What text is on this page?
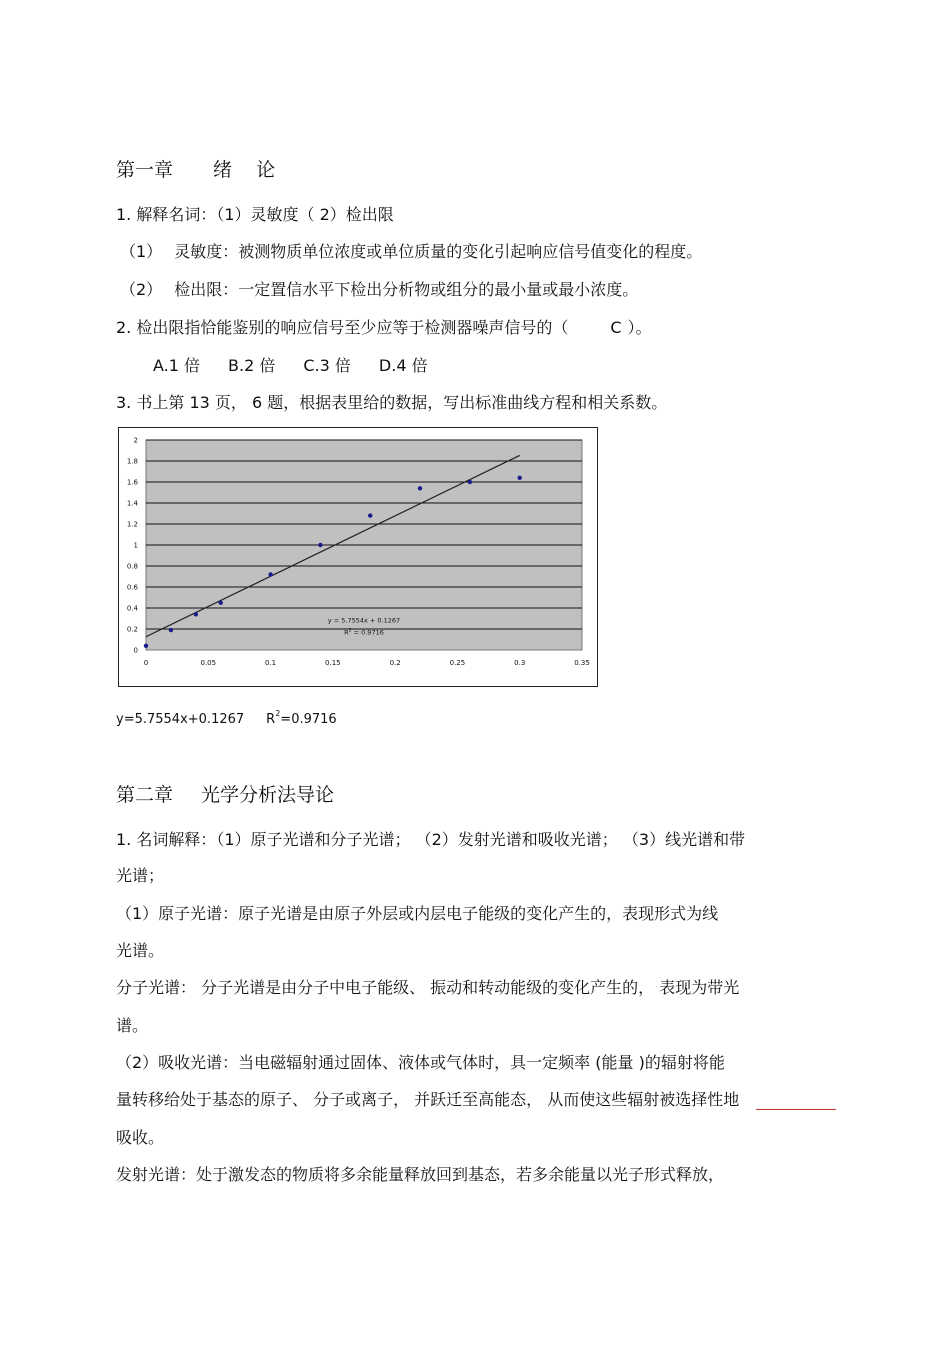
第一章 绪    论
1. 解释名词：（1）灵敏度（ 2）检出限
（1） 灵敏度：被测物质单位浓度或单位质量的变化引起响应信号值变化的程度。
（2） 检出限：一定置信水平下检出分析物或组分的最小量或最小浓度。
2. 检出限指恰能鉴别的响应信号至少应等于检测器噪声信号的（	C ）。
A.1 倍 B.2 倍 C.3 倍 D.4 倍
3. 书上第 13 页， 6 题，根据表里给的数据，写出标准曲线方程和相关系数。
0
0.2
0.4
0.6
0.8
1
1.2
1.4
1.6
1.8
2
0	0.05	0.1	0.15	0.2	0.25	0.3	0.35
y = 5.7554x + 0.1267
$R^2 = 0.9716$
y=5.7554x+0.1267 $R^2=0.9716$
第二章 光学分析法导论
1. 名词解释：（1）原子光谱和分子光谱； （2）发射光谱和吸收光谱； （3）线光谱和带
光谱；
（1）原子光谱：原子光谱是由原子外层或内层电子能级的变化产生的，表现形式为线
光谱。
分子光谱： 分子光谱是由分子中电子能级、 振动和转动能级的变化产生的， 表现为带光
谱。
（2）吸收光谱：当电磁辐射通过固体、液体或气体时，具一定频率 (能量 )的辐射将能
量转移给处于基态的原子、 分子或离子， 并跃迁至高能态， 从而使这些辐射被选择性地
吸收。
发射光谱：处于激发态的物质将多余能量释放回到基态，若多余能量以光子形式释放，
